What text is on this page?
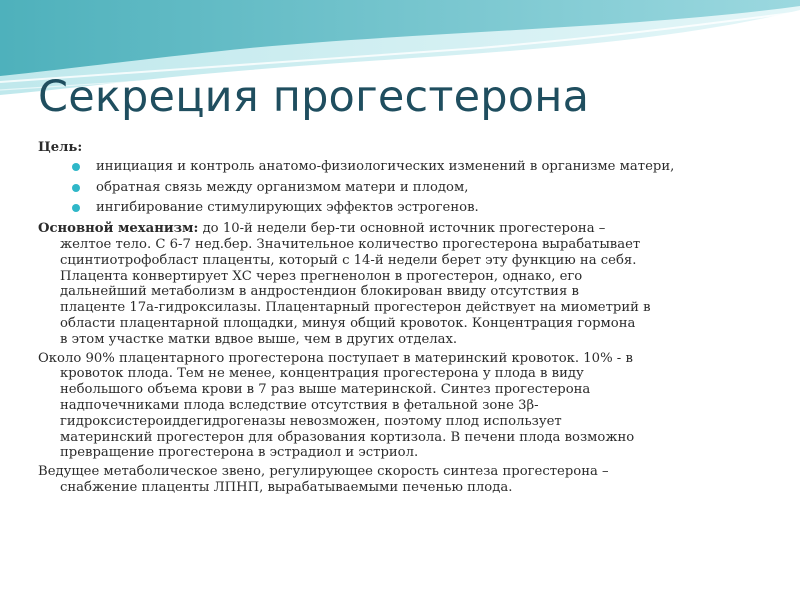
Секреция прогестерона
Цель:
инициация и контроль анатомо-физиологических изменений в организме матери,
обратная связь между организмом матери и плодом,
ингибирование стимулирующих эффектов эстрогенов.
Основной механизм: до 10-й недели бер-ти основной источник прогестерона –
желтое тело. С 6-7 нед.бер. Значительное количество прогестерона вырабатывает
сцинтиотрофобласт плаценты, который с 14-й недели берет эту функцию на себя.
Плацента конвертирует ХС через прегненолон в прогестерон, однако, его
дальнейший метаболизм в андростендион блокирован ввиду отсутствия в
плаценте 17а-гидроксилазы. Плацентарный прогестерон действует на миометрий в
области плацентарной площадки, минуя общий кровоток. Концентрация гормона
в этом участке матки вдвое выше, чем в других отделах.
Около 90% плацентарного прогестерона поступает в материнский кровоток. 10% - в
кровоток плода. Тем не менее, концентрация прогестерона у плода в виду
небольшого объема крови в 7 раз выше материнской. Синтез прогестерона
надпочечниками плода вследствие отсутствия в фетальной зоне 3β-
гидроксистероиддегидрогеназы невозможен, поэтому плод использует
материнский прогестерон для образования кортизола. В печени плода возможно
превращение прогестерона в эстрадиол и эстриол.
Ведущее метаболическое звено, регулирующее скорость синтеза прогестерона –
снабжение плаценты ЛПНП, вырабатываемыми печенью плода.
